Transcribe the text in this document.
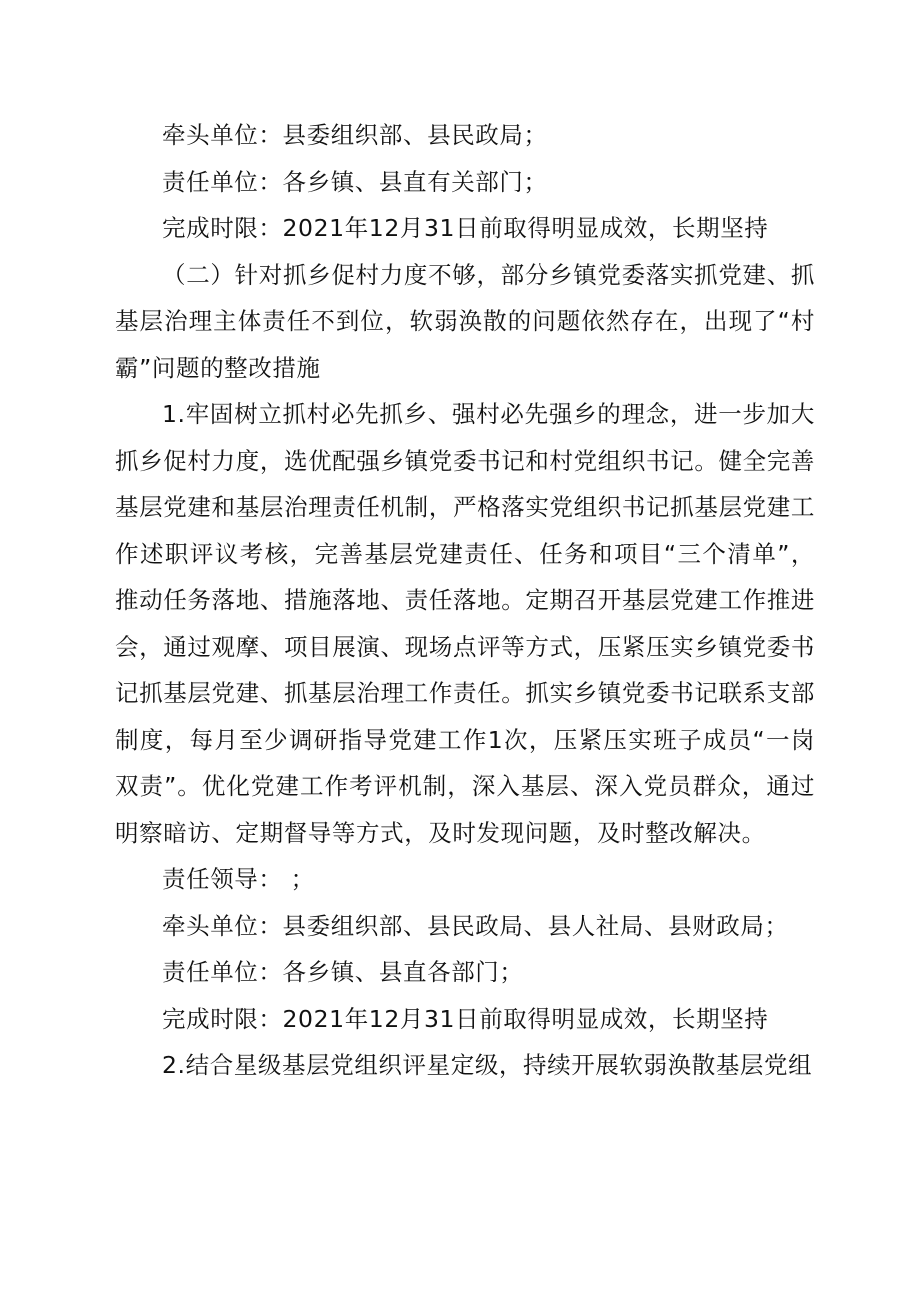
牵头单位：县委组织部、县民政局；

责任单位：各乡镇、县直有关部门；

完成时限：2021年12月31日前取得明显成效，长期坚持

（二）针对抓乡促村力度不够，部分乡镇党委落实抓党建、抓基层治理主体责任不到位，软弱涣散的问题依然存在，出现了“村霸”问题的整改措施

1.牢固树立抓村必先抓乡、强村必先强乡的理念，进一步加大抓乡促村力度，选优配强乡镇党委书记和村党组织书记。健全完善基层党建和基层治理责任机制，严格落实党组织书记抓基层党建工作述职评议考核，完善基层党建责任、任务和项目“三个清单”，推动任务落地、措施落地、责任落地。定期召开基层党建工作推进会，通过观摩、项目展演、现场点评等方式，压紧压实乡镇党委书记抓基层党建、抓基层治理工作责任。抓实乡镇党委书记联系支部制度，每月至少调研指导党建工作1次，压紧压实班子成员“一岗双责”。优化党建工作考评机制，深入基层、深入党员群众，通过明察暗访、定期督导等方式，及时发现问题，及时整改解决。

责任领导： ；

牵头单位：县委组织部、县民政局、县人社局、县财政局；

责任单位：各乡镇、县直各部门；

完成时限：2021年12月31日前取得明显成效，长期坚持

2.结合星级基层党组织评星定级，持续开展软弱涣散基层党组
